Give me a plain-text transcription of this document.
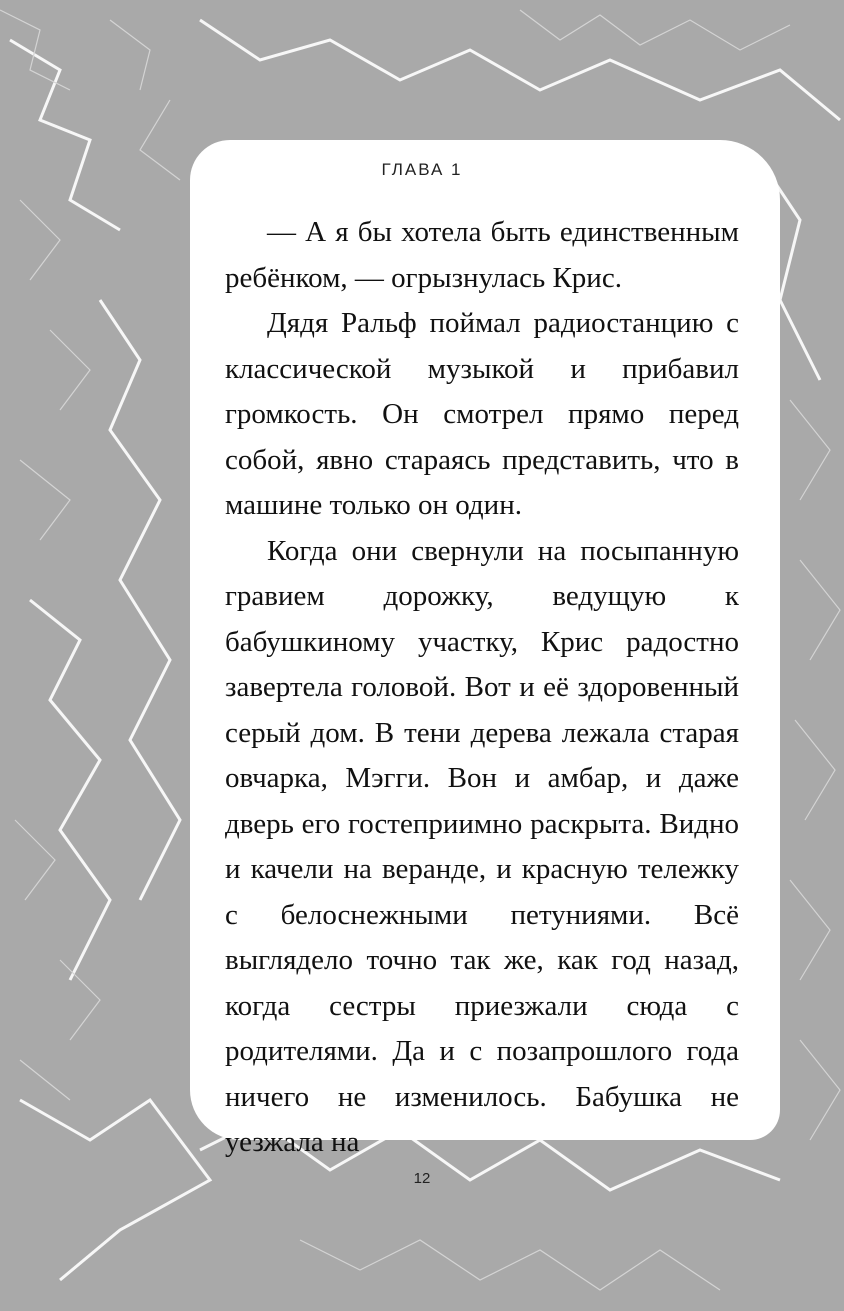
ГЛАВА 1

— А я бы хотела быть единственным ребёнком, — огрызнулась Крис.

Дядя Ральф поймал радиостанцию с классической музыкой и прибавил громкость. Он смотрел прямо перед собой, явно стараясь представить, что в машине только он один.

Когда они свернули на посыпанную гравием дорожку, ведущую к бабушкиному участку, Крис радостно завертела головой. Вот и её здоровенный серый дом. В тени дерева лежала старая овчарка, Мэгги. Вон и амбар, и даже дверь его гостеприимно раскрыта. Видно и качели на веранде, и красную тележку с белоснежными петуниями. Всё выглядело точно так же, как год назад, когда сестры приезжали сюда с родителями. Да и с позапрошлого года ничего не изменилось. Бабушка не уезжала на

12
